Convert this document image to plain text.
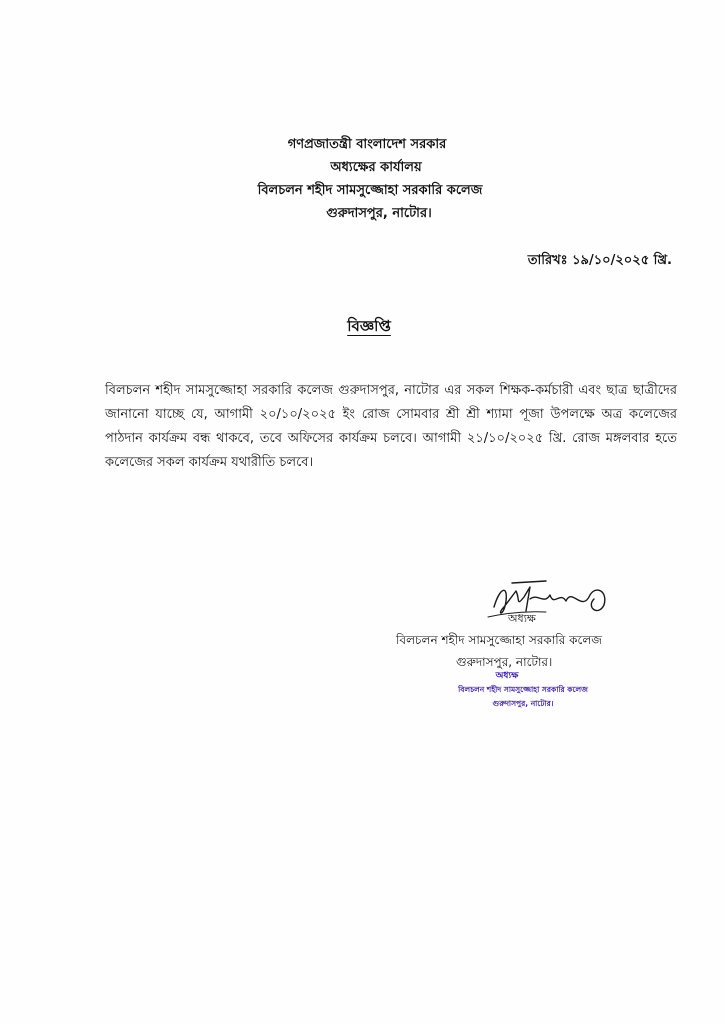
গণপ্রজাতন্ত্রী বাংলাদেশ সরকার
অধ্যক্ষের কার্যালয়
বিলচলন শহীদ সামসুজ্জোহা সরকারি কলেজ
গুরুদাসপুর, নাটোর।
তারিখঃ ১৯/১০/২০২৫ খ্রি.
বিজ্ঞপ্তি
বিলচলন শহীদ সামসুজ্জোহা সরকারি কলেজ গুরুদাসপুর, নাটোর এর সকল শিক্ষক-কর্মচারী এবং ছাত্র ছাত্রীদের জানানো যাচ্ছে যে, আগামী ২০/১০/২০২৫ ইং রোজ সোমবার শ্রী শ্রী শ্যামা পূজা উপলক্ষে অত্র কলেজের পাঠদান কার্যক্রম বন্ধ থাকবে, তবে অফিসের কার্যক্রম চলবে। আগামী ২১/১০/২০২৫ খ্রি. রোজ মঙ্গলবার হতে কলেজের সকল কার্যক্রম যথারীতি চলবে।
অধ্যক্ষ
বিলচলন শহীদ সামসুজ্জোহা সরকারি কলেজ
গুরুদাসপুর, নাটোর।
অধ্যক্ষ
বিলচলন শহীদ সামসুজ্জোহা সরকারি কলেজ
গুরুদাসপুর, নাটোর।
